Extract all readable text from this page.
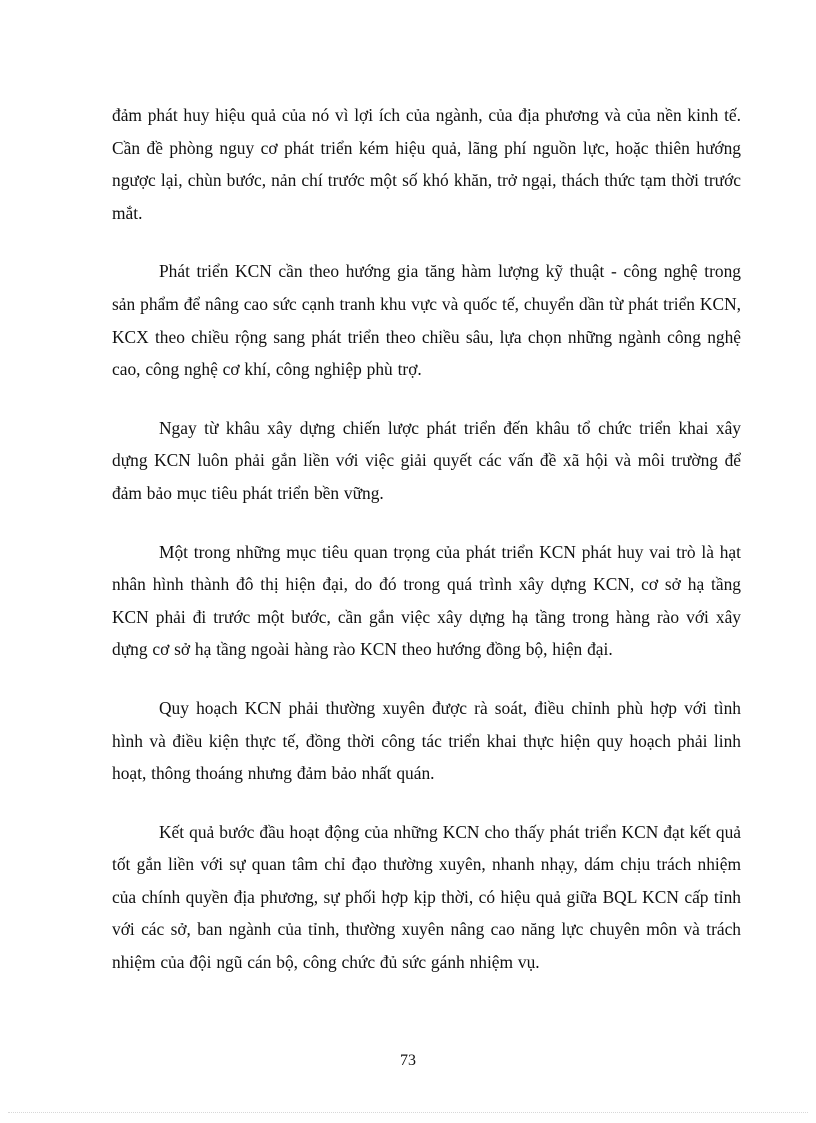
đảm phát huy hiệu quả của nó vì lợi ích của ngành, của địa phương và của nền kinh tế. Cần đề phòng nguy cơ phát triển kém hiệu quả, lãng phí nguồn lực, hoặc thiên hướng ngược lại, chùn bước, nản chí trước một số khó khăn, trở ngại, thách thức tạm thời trước mắt.

Phát triển KCN cần theo hướng gia tăng hàm lượng kỹ thuật - công nghệ trong sản phẩm để nâng cao sức cạnh tranh khu vực và quốc tế, chuyển dần từ phát triển KCN, KCX theo chiều rộng sang phát triển theo chiều sâu, lựa chọn những ngành công nghệ cao, công nghệ cơ khí, công nghiệp phù trợ.

Ngay từ khâu xây dựng chiến lược phát triển đến khâu tổ chức triển khai xây dựng KCN luôn phải gắn liền với việc giải quyết các vấn đề xã hội và môi trường để đảm bảo mục tiêu phát triển bền vững.

Một trong những mục tiêu quan trọng của phát triển KCN phát huy vai trò là hạt nhân hình thành đô thị hiện đại, do đó trong quá trình xây dựng KCN, cơ sở hạ tầng KCN phải đi trước một bước, cần gắn việc xây dựng hạ tầng trong hàng rào với xây dựng cơ sở hạ tầng ngoài hàng rào KCN theo hướng đồng bộ, hiện đại.

Quy hoạch KCN phải thường xuyên được rà soát, điều chỉnh phù hợp với tình hình và điều kiện thực tế, đồng thời công tác triển khai thực hiện quy hoạch phải linh hoạt, thông thoáng nhưng đảm bảo nhất quán.

Kết quả bước đầu hoạt động của những KCN cho thấy phát triển KCN đạt kết quả tốt gắn liền với sự quan tâm chỉ đạo thường xuyên, nhanh nhạy, dám chịu trách nhiệm của chính quyền địa phương, sự phối hợp kịp thời, có hiệu quả giữa BQL KCN cấp tỉnh với các sở, ban ngành của tỉnh, thường xuyên nâng cao năng lực chuyên môn và trách nhiệm của đội ngũ cán bộ, công chức đủ sức gánh nhiệm vụ.

73
